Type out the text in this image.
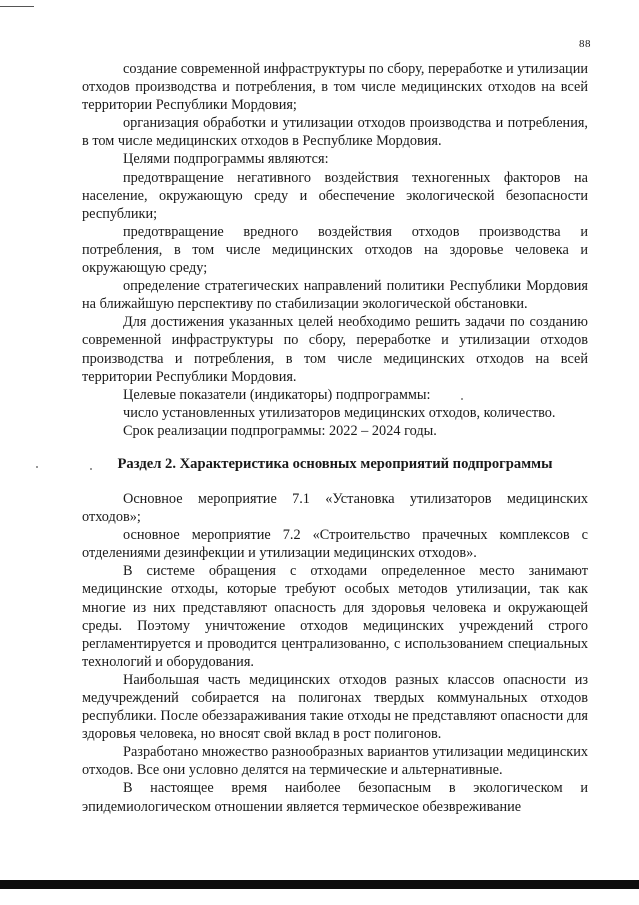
88

создание современной инфраструктуры по сбору, переработке и утилизации отходов производства и потребления, в том числе медицинских отходов на всей территории Республики Мордовия;

организация обработки и утилизации отходов производства и потребления, в том числе медицинских отходов в Республике Мордовия.

Целями подпрограммы являются:

предотвращение негативного воздействия техногенных факторов на население, окружающую среду и обеспечение экологической безопасности республики;

предотвращение вредного воздействия отходов производства и потребления, в том числе медицинских отходов на здоровье человека и окружающую среду;

определение стратегических направлений политики Республики Мордовия на ближайшую перспективу по стабилизации экологической обстановки.

Для достижения указанных целей необходимо решить задачи по созданию современной инфраструктуры по сбору, переработке и утилизации отходов производства и потребления, в том числе медицинских отходов на всей территории Республики Мордовия.

Целевые показатели (индикаторы) подпрограммы:

число установленных утилизаторов медицинских отходов, количество.

Срок реализации подпрограммы: 2022 – 2024 годы.

Раздел 2. Характеристика основных мероприятий подпрограммы

Основное мероприятие 7.1 «Установка утилизаторов медицинских отходов»;

основное мероприятие 7.2 «Строительство прачечных комплексов с отделениями дезинфекции и утилизации медицинских отходов».

В системе обращения с отходами определенное место занимают медицинские отходы, которые требуют особых методов утилизации, так как многие из них представляют опасность для здоровья человека и окружающей среды. Поэтому уничтожение отходов медицинских учреждений строго регламентируется и проводится централизованно, с использованием специальных технологий и оборудования.

Наибольшая часть медицинских отходов разных классов опасности из медучреждений собирается на полигонах твердых коммунальных отходов республики. После обеззараживания такие отходы не представляют опасности для здоровья человека, но вносят свой вклад в рост полигонов.

Разработано множество разнообразных вариантов утилизации медицинских отходов. Все они условно делятся на термические и альтернативные.

В настоящее время наиболее безопасным в экологическом и эпидемиологическом отношении является термическое обезвреживание
